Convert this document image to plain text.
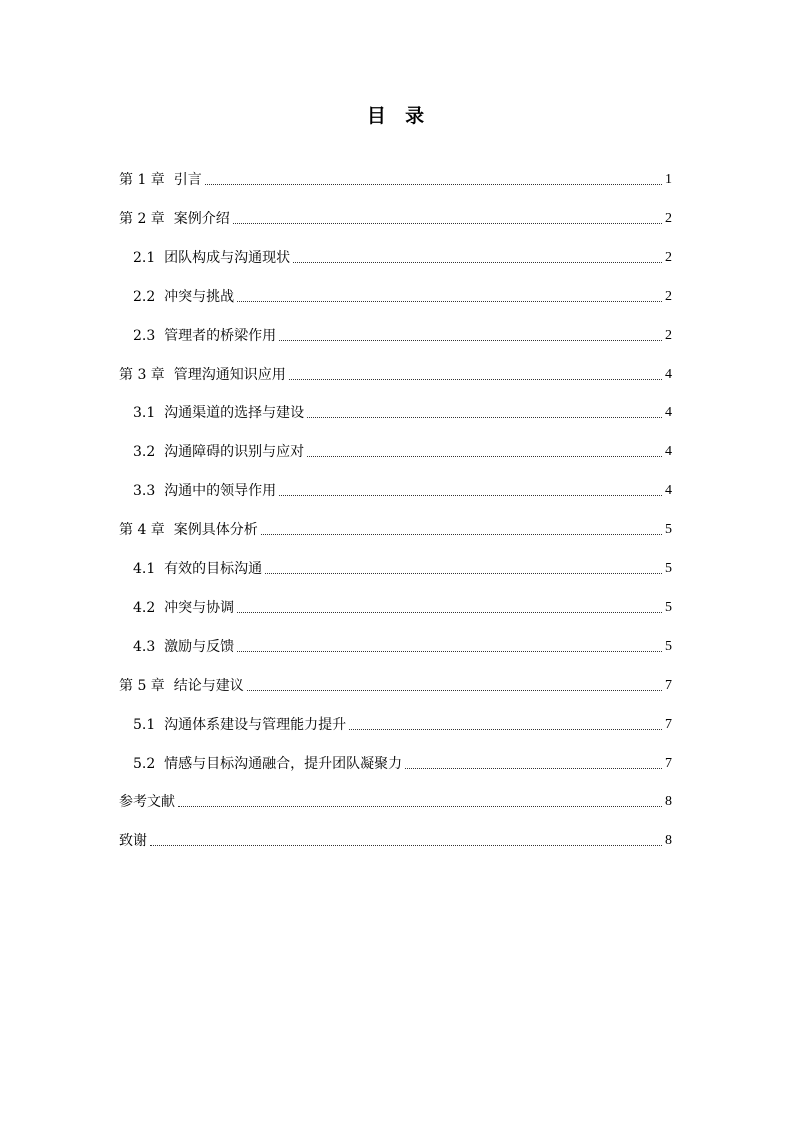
目  录
第 1 章  引言	1
第 2 章  案例介绍	2
2.1  团队构成与沟通现状	2
2.2  冲突与挑战	2
2.3  管理者的桥梁作用	2
第 3 章  管理沟通知识应用	4
3.1  沟通渠道的选择与建设	4
3.2  沟通障碍的识别与应对	4
3.3  沟通中的领导作用	4
第 4 章  案例具体分析	5
4.1  有效的目标沟通	5
4.2  冲突与协调	5
4.3  激励与反馈	5
第 5 章  结论与建议	7
5.1  沟通体系建设与管理能力提升	7
5.2  情感与目标沟通融合，提升团队凝聚力	7
参考文献	8
致谢	8
